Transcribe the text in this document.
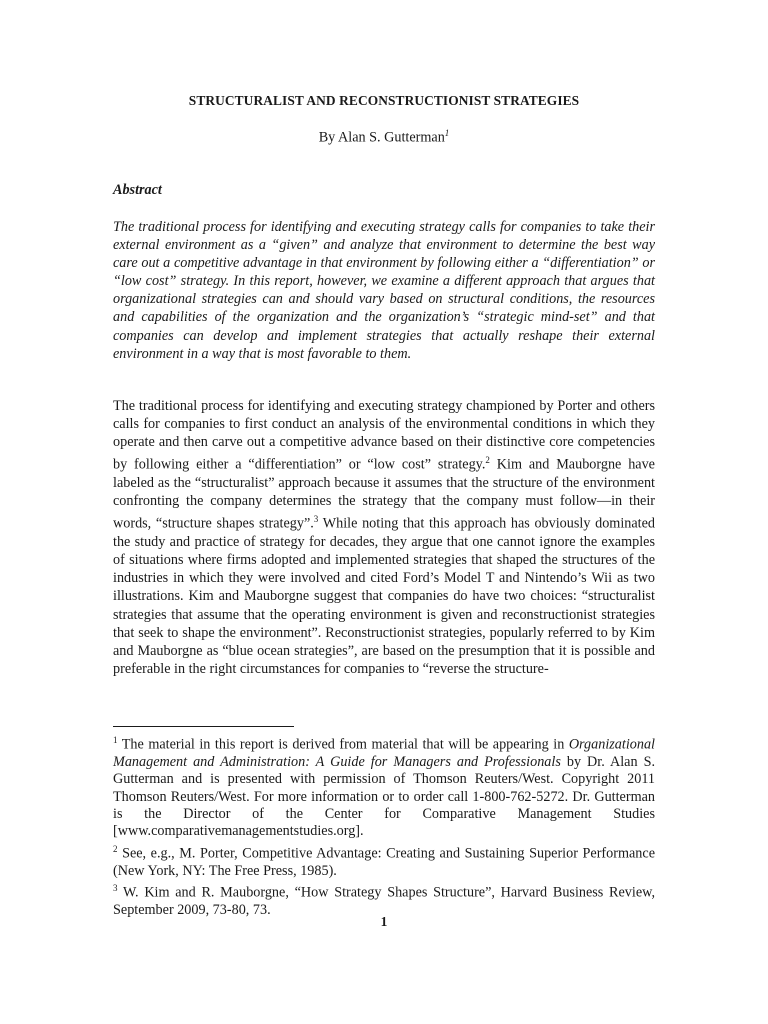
STRUCTURALIST AND RECONSTRUCTIONIST STRATEGIES
By Alan S. Gutterman$^1$
Abstract

The traditional process for identifying and executing strategy calls for companies to take their external environment as a “given” and analyze that environment to determine the best way care out a competitive advantage in that environment by following either a “differentiation” or “low cost” strategy. In this report, however, we examine a different approach that argues that organizational strategies can and should vary based on structural conditions, the resources and capabilities of the organization and the organization’s “strategic mind-set” and that companies can develop and implement strategies that actually reshape their external environment in a way that is most favorable to them.

The traditional process for identifying and executing strategy championed by Porter and others calls for companies to first conduct an analysis of the environmental conditions in which they operate and then carve out a competitive advance based on their distinctive core competencies by following either a “differentiation” or “low cost” strategy.$^2$ Kim and Mauborgne have labeled as the “structuralist” approach because it assumes that the structure of the environment confronting the company determines the strategy that the company must follow—in their words, “structure shapes strategy”.$^3$ While noting that this approach has obviously dominated the study and practice of strategy for decades, they argue that one cannot ignore the examples of situations where firms adopted and implemented strategies that shaped the structures of the industries in which they were involved and cited Ford’s Model T and Nintendo’s Wii as two illustrations. Kim and Mauborgne suggest that companies do have two choices: “structuralist strategies that assume that the operating environment is given and reconstructionist strategies that seek to shape the environment”. Reconstructionist strategies, popularly referred to by Kim and Mauborgne as “blue ocean strategies”, are based on the presumption that it is possible and preferable in the right circumstances for companies to “reverse the structure-

$^1$ The material in this report is derived from material that will be appearing in Organizational Management and Administration: A Guide for Managers and Professionals by Dr. Alan S. Gutterman and is presented with permission of Thomson Reuters/West. Copyright 2011 Thomson Reuters/West. For more information or to order call 1-800-762-5272. Dr. Gutterman is the Director of the Center for Comparative Management Studies [www.comparativemanagementstudies.org].

$^2$ See, e.g., M. Porter, Competitive Advantage: Creating and Sustaining Superior Performance (New York, NY: The Free Press, 1985).

$^3$ W. Kim and R. Mauborgne, “How Strategy Shapes Structure”, Harvard Business Review, September 2009, 73-80, 73.

1
